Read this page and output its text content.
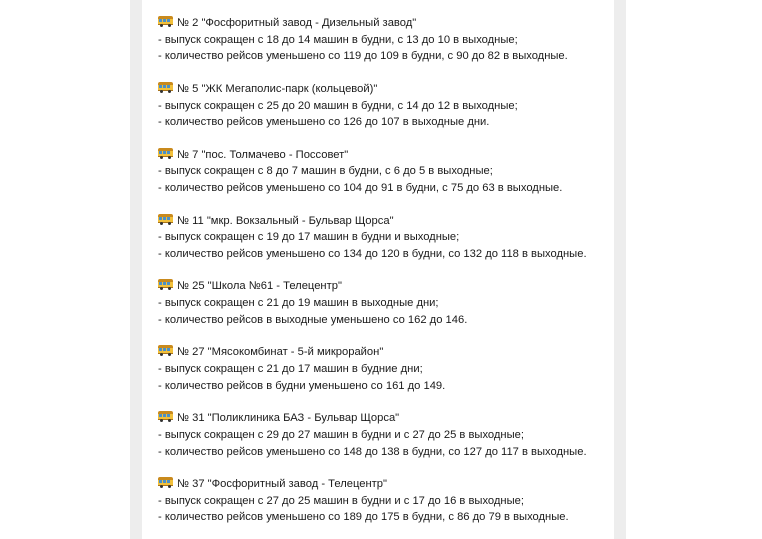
№ 2 "Фосфоритный завод - Дизельный завод"
- выпуск сокращен с 18 до 14 машин в будни, с 13 до 10 в выходные;
- количество рейсов уменьшено со 119 до 109 в будни, с 90 до 82 в выходные.
№ 5 "ЖК Мегаполис-парк (кольцевой)"
- выпуск сокращен с 25 до 20 машин в будни, с 14 до 12 в выходные;
- количество рейсов уменьшено со 126 до 107 в выходные дни.
№ 7 "пос. Толмачево - Поссовет"
- выпуск сокращен с 8 до 7 машин в будни, с 6 до 5 в выходные;
- количество рейсов уменьшено со 104 до 91 в будни, с 75 до 63 в выходные.
№ 11 "мкр. Вокзальный - Бульвар Щорса"
- выпуск сокращен с 19 до 17 машин в будни и выходные;
- количество рейсов уменьшено со 134 до 120 в будни, со 132 до 118 в выходные.
№ 25 "Школа №61 - Телецентр"
- выпуск сокращен с 21 до 19 машин в выходные дни;
- количество рейсов в выходные уменьшено со 162 до 146.
№ 27 "Мясокомбинат - 5-й микрорайон"
- выпуск сокращен с 21 до 17 машин в будние дни;
- количество рейсов в будни уменьшено со 161 до 149.
№ 31 "Поликлиника БАЗ - Бульвар Щорса"
- выпуск сокращен с 29 до 27 машин в будни и с 27 до 25 в выходные;
- количество рейсов уменьшено со 148 до 138 в будни, со 127 до 117 в выходные.
№ 37 "Фосфоритный завод - Телецентр"
- выпуск сокращен с 27 до 25 машин в будни и с 17 до 16 в выходные;
- количество рейсов уменьшено со 189 до 175 в будни, с 86 до 79 в выходные.
